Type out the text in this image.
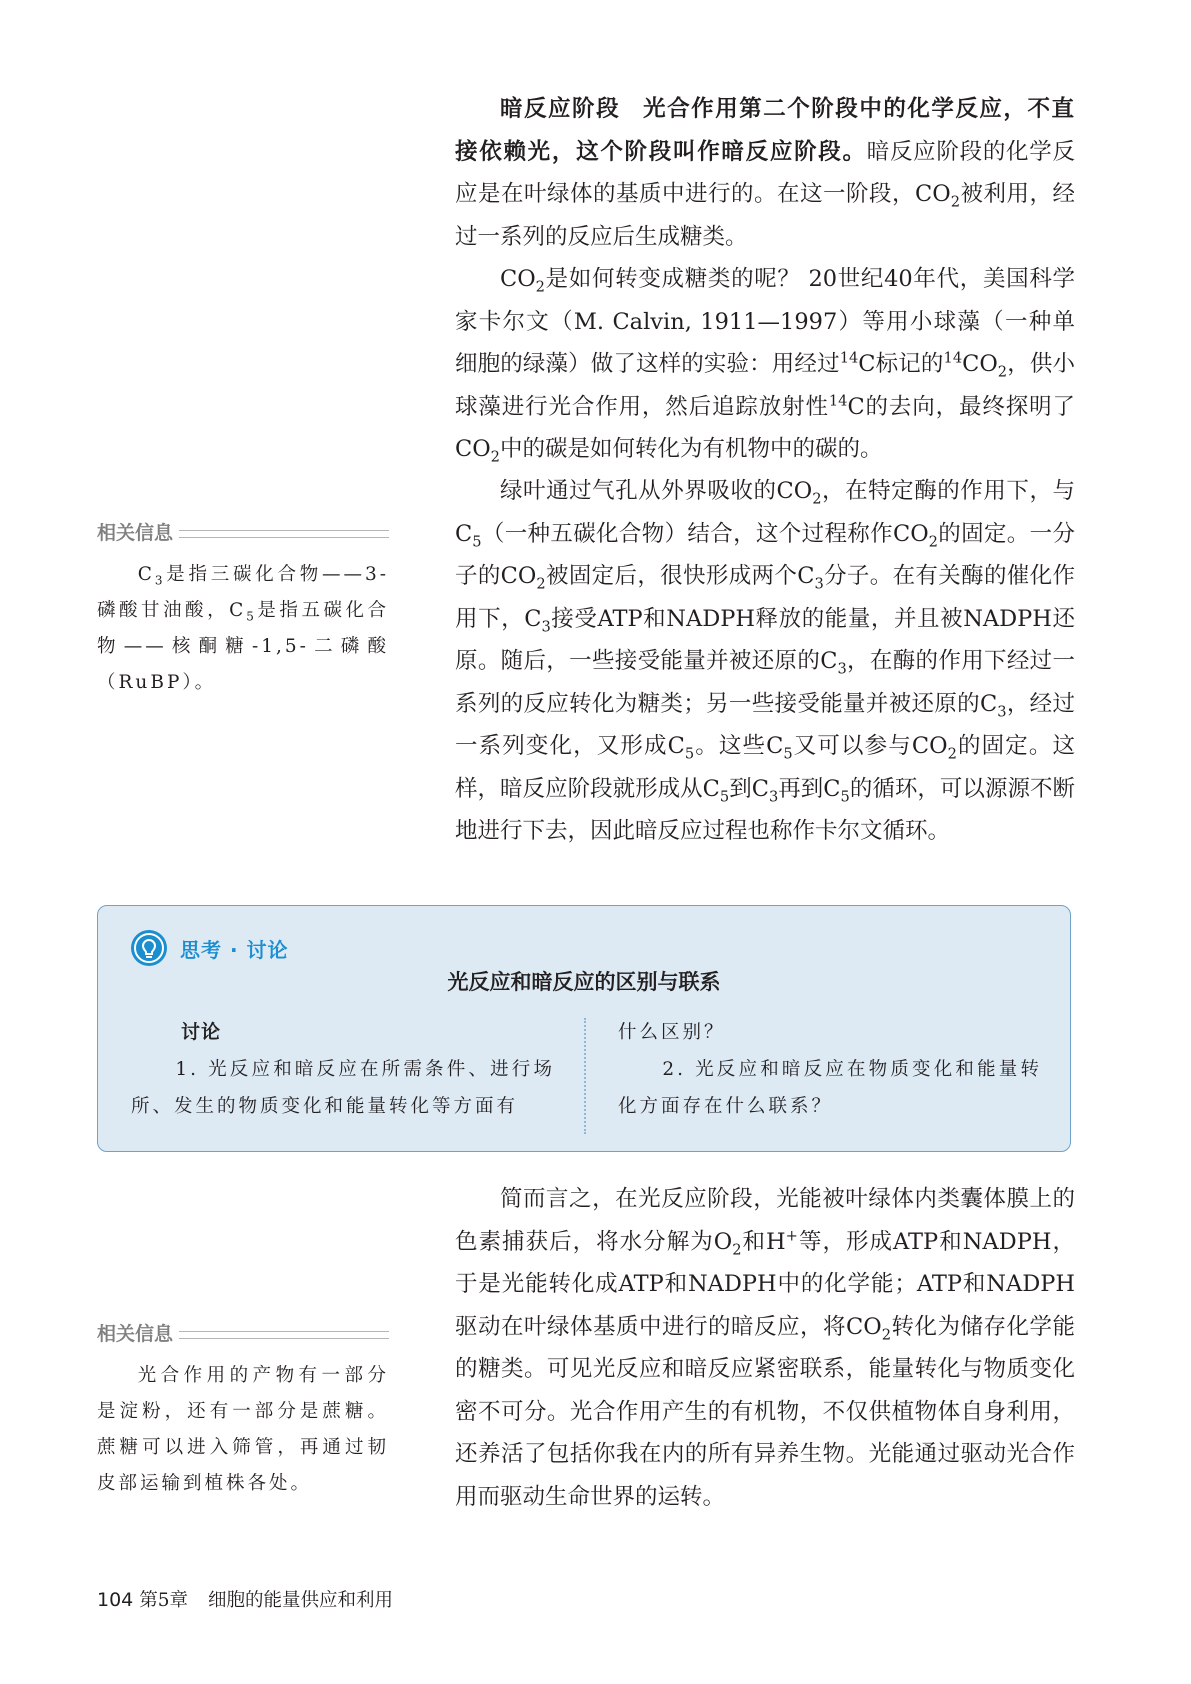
暗反应阶段　 光合作用第二个阶段中的化学反应，不直接依赖光，这个阶段叫作暗反应阶段。暗反应阶段的化学反应是在叶绿体的基质中进行的。在这一阶段，$CO_2$被利用，经过一系列的反应后生成糖类。

$CO_2$是如何转变成糖类的呢？ 20世纪40年代，美国科学家卡尔文（M. Calvin, 1911—1997）等用小球藻（一种单细胞的绿藻）做了这样的实验：用经过$^{14}$C标记的$^{14}CO_2$，供小球藻进行光合作用，然后追踪放射性$^{14}$C的去向，最终探明了$CO_2$中的碳是如何转化为有机物中的碳的。

绿叶通过气孔从外界吸收的$CO_2$，在特定酶的作用下，与$C_5$（一种五碳化合物）结合，这个过程称作$CO_2$的固定。一分子的$CO_2$被固定后，很快形成两个$C_3$分子。在有关酶的催化作用下，$C_3$接受ATP和NADPH释放的能量，并且被NADPH还原。随后，一些接受能量并被还原的$C_3$，在酶的作用下经过一系列的反应转化为糖类；另一些接受能量并被还原的$C_3$，经过一系列变化，又形成$C_5$。这些$C_5$又可以参与$CO_2$的固定。这样，暗反应阶段就形成从$C_5$到$C_3$再到$C_5$的循环，可以源源不断地进行下去，因此暗反应过程也称作卡尔文循环。

相关信息

$C_3$是指三碳化合物——3-磷酸甘油酸，$C_5$是指五碳化合物——核酮糖-1,5-二磷酸（RuBP）。

思考 · 讨论
光反应和暗反应的区别与联系

讨论

1. 光反应和暗反应在所需条件、进行场所、发生的物质变化和能量转化等方面有

什么区别？

2. 光反应和暗反应在物质变化和能量转化方面存在什么联系？

简而言之，在光反应阶段，光能被叶绿体内类囊体膜上的色素捕获后，将水分解为$O_2$和H+等，形成ATP和NADPH，于是光能转化成ATP和NADPH中的化学能；ATP和NADPH驱动在叶绿体基质中进行的暗反应，将$CO_2$转化为储存化学能的糖类。可见光反应和暗反应紧密联系，能量转化与物质变化密不可分。光合作用产生的有机物，不仅供植物体自身利用，还养活了包括你我在内的所有异养生物。光能通过驱动光合作用而驱动生命世界的运转。

相关信息

光合作用的产物有一部分是淀粉，还有一部分是蔗糖。蔗糖可以进入筛管，再通过韧皮部运输到植株各处。

104 第5章 细胞的能量供应和利用
